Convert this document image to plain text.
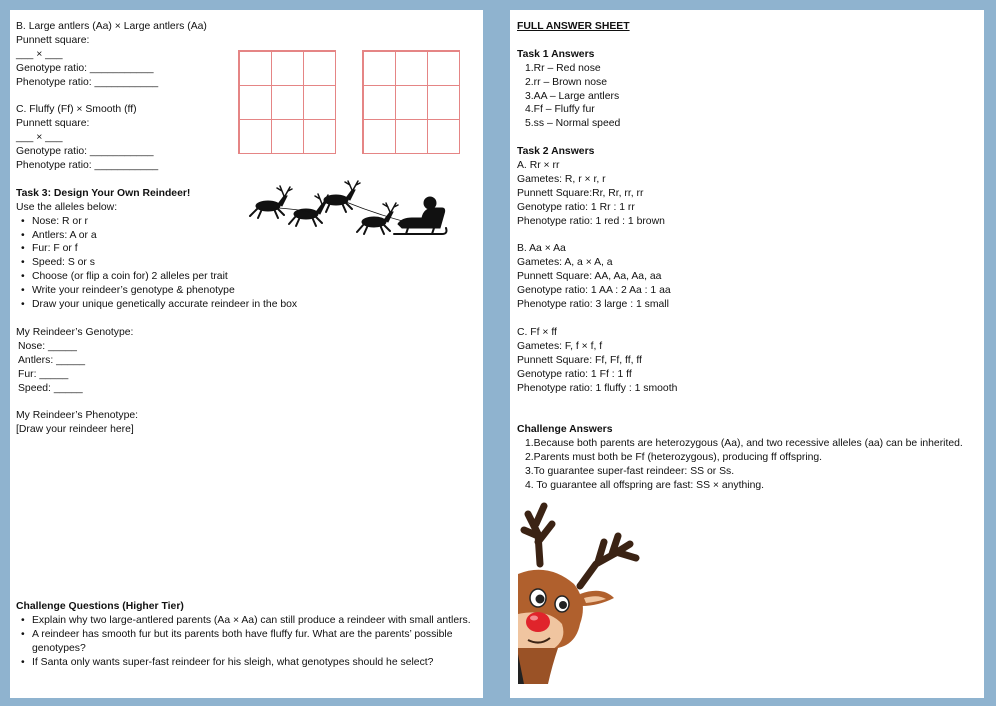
B. Large antlers (Aa) × Large antlers (Aa)
Punnett square:
___ × ___
Genotype ratio: ___________
Phenotype ratio: ___________
C. Fluffy (Ff) × Smooth (ff)
Punnett square:
___ × ___
Genotype ratio: ___________
Phenotype ratio: ___________
Task 3: Design Your Own Reindeer!
Use the alleles below:
• Nose: R or r
• Antlers: A or a
• Fur: F or f
• Speed: S or s
• Choose (or flip a coin for) 2 alleles per trait
• Write your reindeer’s genotype & phenotype
• Draw your unique genetically accurate reindeer in the box
My Reindeer’s Genotype:
Nose: _____
Antlers: _____
Fur: _____
Speed: _____
My Reindeer’s Phenotype:
[Draw your reindeer here]
Challenge Questions (Higher Tier)
• Explain why two large-antlered parents (Aa × Aa) can still produce a reindeer with small antlers.
• A reindeer has smooth fur but its parents both have fluffy fur. What are the parents’ possible genotypes?
• If Santa only wants super-fast reindeer for his sleigh, what genotypes should he select?
FULL ANSWER SHEET
Task 1 Answers
1.Rr – Red nose
2.rr – Brown nose
3.AA – Large antlers
4.Ff – Fluffy fur
5.ss – Normal speed
Task 2 Answers
A. Rr × rr
Gametes: R, r × r, r
Punnett Square:Rr, Rr, rr, rr
Genotype ratio: 1 Rr : 1 rr
Phenotype ratio: 1 red : 1 brown
B. Aa × Aa
Gametes: A, a × A, a
Punnett Square: AA, Aa, Aa, aa
Genotype ratio: 1 AA : 2 Aa : 1 aa
Phenotype ratio: 3 large : 1 small
C. Ff × ff
Gametes: F, f × f, f
Punnett Square: Ff, Ff, ff, ff
Genotype ratio: 1 Ff : 1 ff
Phenotype ratio: 1 fluffy : 1 smooth
Challenge Answers
1.Because both parents are heterozygous (Aa), and two recessive alleles (aa) can be inherited.
2.Parents must both be Ff (heterozygous), producing ff offspring.
3.To guarantee super-fast reindeer: SS or Ss.
4. To guarantee all offspring are fast: SS × anything.
